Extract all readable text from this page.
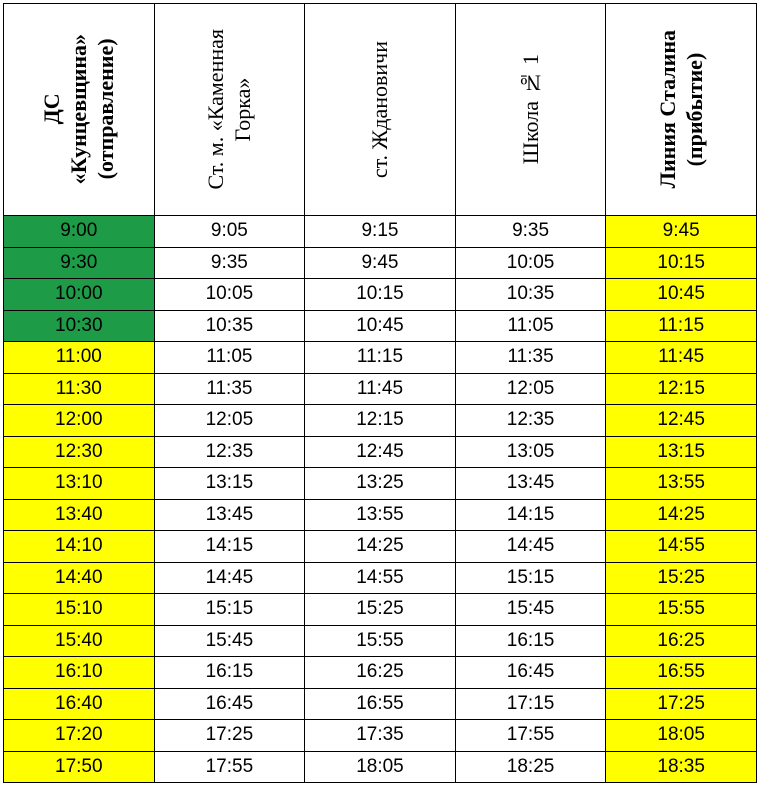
ДС
«Кунцевщина»
(отправление)	Ст. м. «Каменная
Горка»	ст. Ждановичи	Школа № 1	Линия Сталина
(прибытие)

9:00	9:05	9:15	9:35	9:45
9:30	9:35	9:45	10:05	10:15
10:00	10:05	10:15	10:35	10:45
10:30	10:35	10:45	11:05	11:15
11:00	11:05	11:15	11:35	11:45
11:30	11:35	11:45	12:05	12:15
12:00	12:05	12:15	12:35	12:45
12:30	12:35	12:45	13:05	13:15
13:10	13:15	13:25	13:45	13:55
13:40	13:45	13:55	14:15	14:25
14:10	14:15	14:25	14:45	14:55
14:40	14:45	14:55	15:15	15:25
15:10	15:15	15:25	15:45	15:55
15:40	15:45	15:55	16:15	16:25
16:10	16:15	16:25	16:45	16:55
16:40	16:45	16:55	17:15	17:25
17:20	17:25	17:35	17:55	18:05
17:50	17:55	18:05	18:25	18:35
